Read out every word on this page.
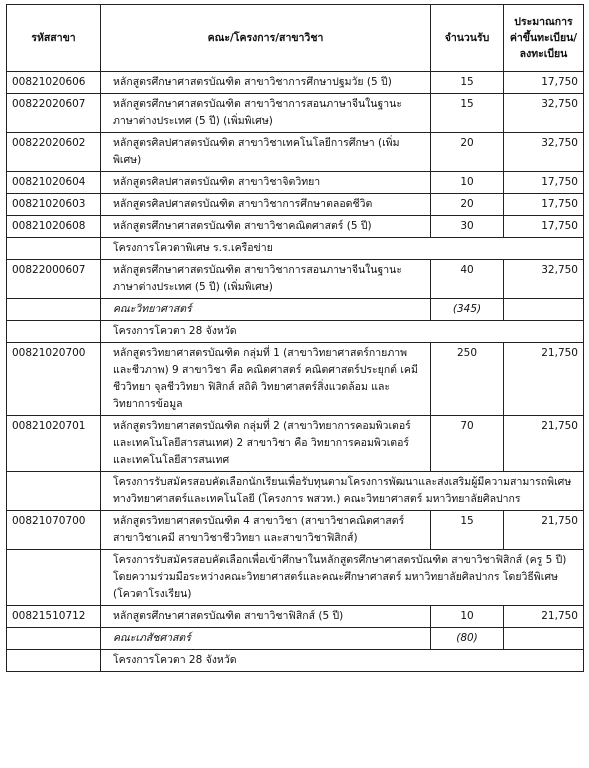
รหัสสาขา	คณะ/โครงการ/สาขาวิชา	จำนวนรับ	ประมาณการค่าขึ้นทะเบียน/ลงทะเบียน
00821020606	หลักสูตรศึกษาศาสตรบัณฑิต สาขาวิชาการศึกษาปฐมวัย (5 ปี)	15	17,750
00822020607	หลักสูตรศึกษาศาสตรบัณฑิต สาขาวิชาการสอนภาษาจีนในฐานะภาษาต่างประเทศ (5 ปี) (เพิ่มพิเศษ)	15	32,750
00822020602	หลักสูตรศิลปศาสตรบัณฑิต สาขาวิชาเทคโนโลยีการศึกษา (เพิ่มพิเศษ)	20	32,750
00821020604	หลักสูตรศิลปศาสตรบัณฑิต สาขาวิชาจิตวิทยา	10	17,750
00821020603	หลักสูตรศิลปศาสตรบัณฑิต สาขาวิชาการศึกษาตลอดชีวิต	20	17,750
00821020608	หลักสูตรศึกษาศาสตรบัณฑิต สาขาวิชาคณิตศาสตร์ (5 ปี)	30	17,750
	โครงการโควตาพิเศษ ร.ร.เครือข่าย		
00822000607	หลักสูตรศึกษาศาสตรบัณฑิต สาขาวิชาการสอนภาษาจีนในฐานะภาษาต่างประเทศ (5 ปี) (เพิ่มพิเศษ)	40	32,750
	คณะวิทยาศาสตร์	(345)	
	โครงการโควตา 28 จังหวัด		
00821020700	หลักสูตรวิทยาศาสตรบัณฑิต กลุ่มที่ 1 (สาขาวิทยาศาสตร์กายภาพและชีวภาพ) 9 สาขาวิชา คือ คณิตศาสตร์ คณิตศาสตร์ประยุกต์ เคมี ชีววิทยา จุลชีววิทยา ฟิสิกส์ สถิติ วิทยาศาสตร์สิ่งแวดล้อม และวิทยาการข้อมูล	250	21,750
00821020701	หลักสูตรวิทยาศาสตรบัณฑิต กลุ่มที่ 2 (สาขาวิทยาการคอมพิวเตอร์และเทคโนโลยีสารสนเทศ) 2 สาขาวิชา คือ วิทยาการคอมพิวเตอร์และเทคโนโลยีสารสนเทศ	70	21,750
	โครงการรับสมัครสอบคัดเลือกนักเรียนเพื่อรับทุนตามโครงการพัฒนาและส่งเสริมผู้มีความสามารถพิเศษทางวิทยาศาสตร์และเทคโนโลยี (โครงการ พสวท.) คณะวิทยาศาสตร์ มหาวิทยาลัยศิลปากร		
00821070700	หลักสูตรวิทยาศาสตรบัณฑิต 4 สาขาวิชา (สาขาวิชาคณิตศาสตร์ สาขาวิชาเคมี สาขาวิชาชีววิทยา และสาขาวิชาฟิสิกส์)	15	21,750
	โครงการรับสมัครสอบคัดเลือกเพื่อเข้าศึกษาในหลักสูตรศึกษาศาสตรบัณฑิต สาขาวิชาฟิสิกส์ (ครู 5 ปี) โดยความร่วมมือระหว่างคณะวิทยาศาสตร์และคณะศึกษาศาสตร์ มหาวิทยาลัยศิลปากร โดยวิธีพิเศษ (โควตาโรงเรียน)		
00821510712	หลักสูตรศึกษาศาสตรบัณฑิต สาขาวิชาฟิสิกส์ (5 ปี)	10	21,750
	คณะเภสัชศาสตร์	(80)	
	โครงการโควตา 28 จังหวัด		
